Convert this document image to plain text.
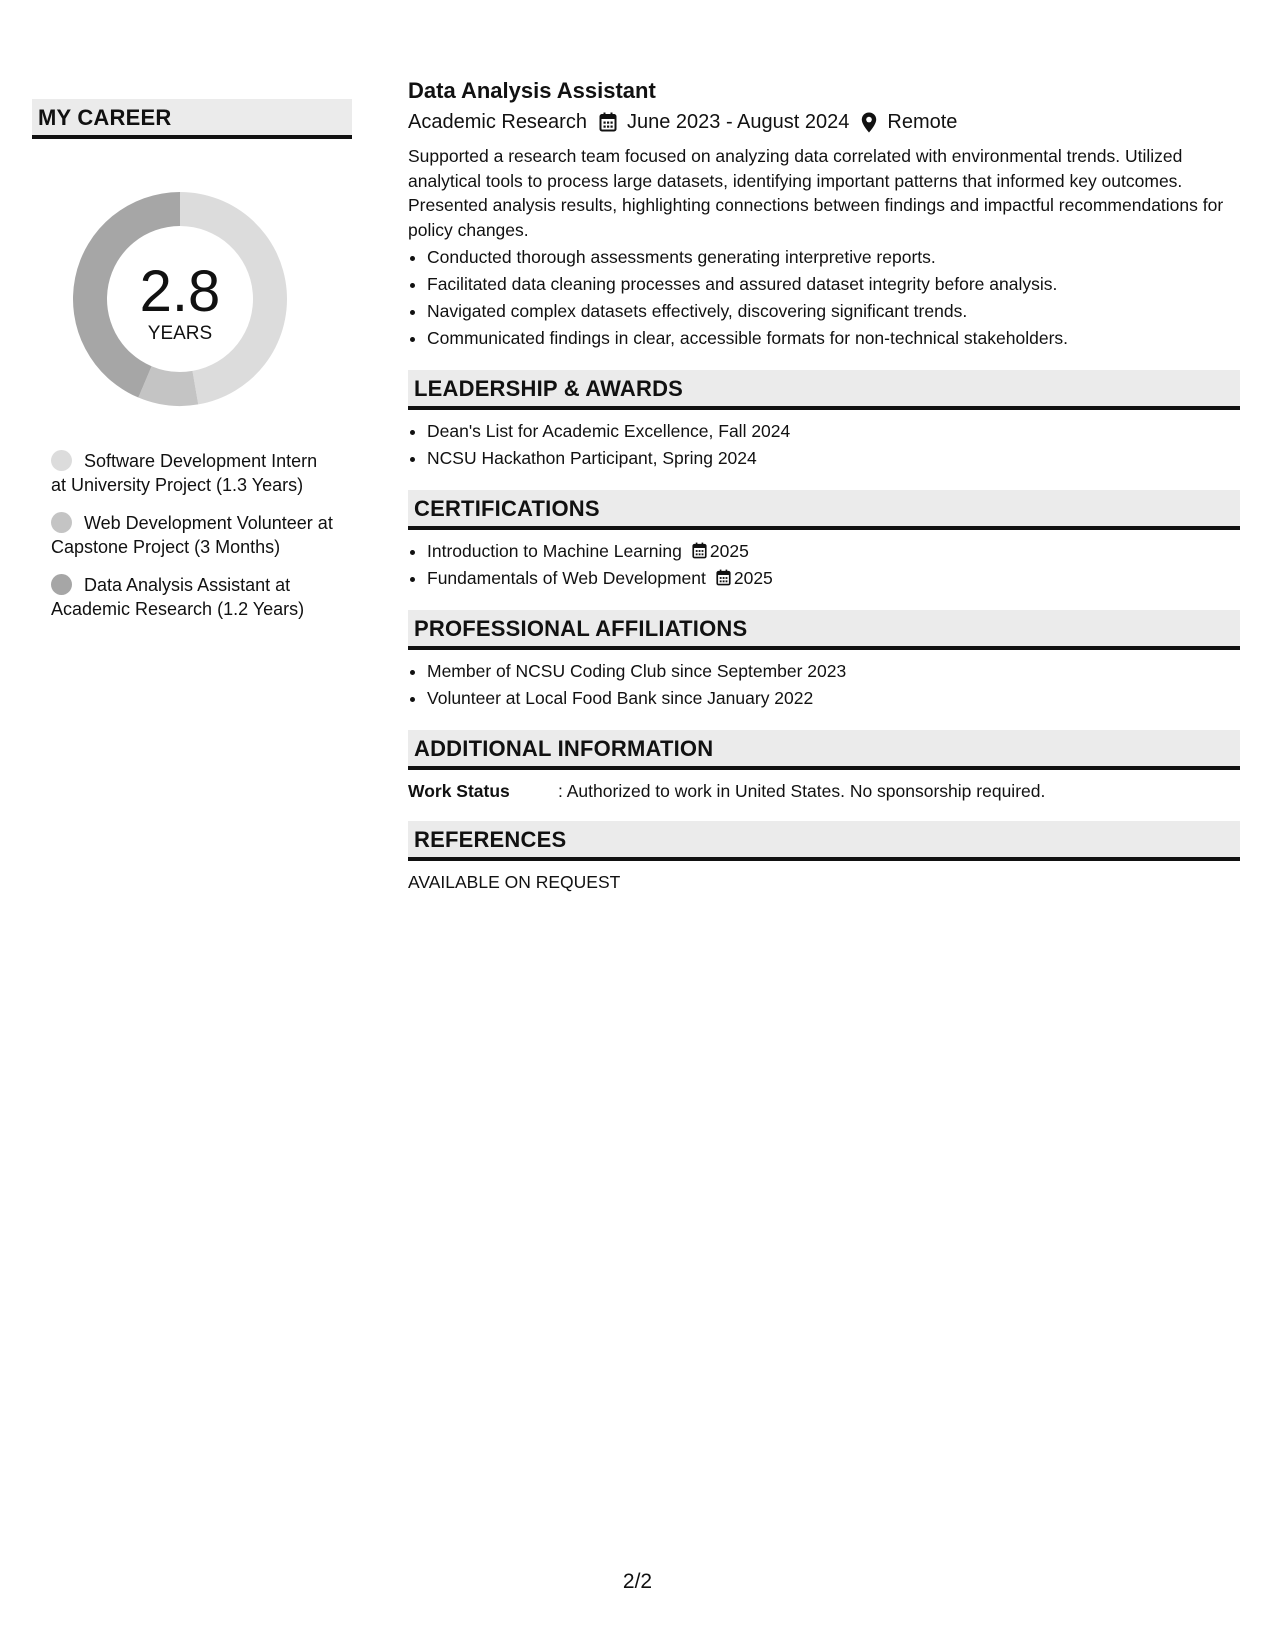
MY CAREER
2.8
YEARS
Software Development Intern at University Project (1.3 Years)
Web Development Volunteer at Capstone Project (3 Months)
Data Analysis Assistant at Academic Research (1.2 Years)
Data Analysis Assistant
Academic Research June 2023 - August 2024 Remote
Supported a research team focused on analyzing data correlated with environmental trends. Utilized analytical tools to process large datasets, identifying important patterns that informed key outcomes. Presented analysis results, highlighting connections between findings and impactful recommendations for policy changes.
• Conducted thorough assessments generating interpretive reports.
• Facilitated data cleaning processes and assured dataset integrity before analysis.
• Navigated complex datasets effectively, discovering significant trends.
• Communicated findings in clear, accessible formats for non-technical stakeholders.
LEADERSHIP & AWARDS
• Dean's List for Academic Excellence, Fall 2024
• NCSU Hackathon Participant, Spring 2024
CERTIFICATIONS
• Introduction to Machine Learning 2025
• Fundamentals of Web Development 2025
PROFESSIONAL AFFILIATIONS
• Member of NCSU Coding Club since September 2023
• Volunteer at Local Food Bank since January 2022
ADDITIONAL INFORMATION
Work Status	: Authorized to work in United States. No sponsorship required.
REFERENCES
AVAILABLE ON REQUEST
2/2
